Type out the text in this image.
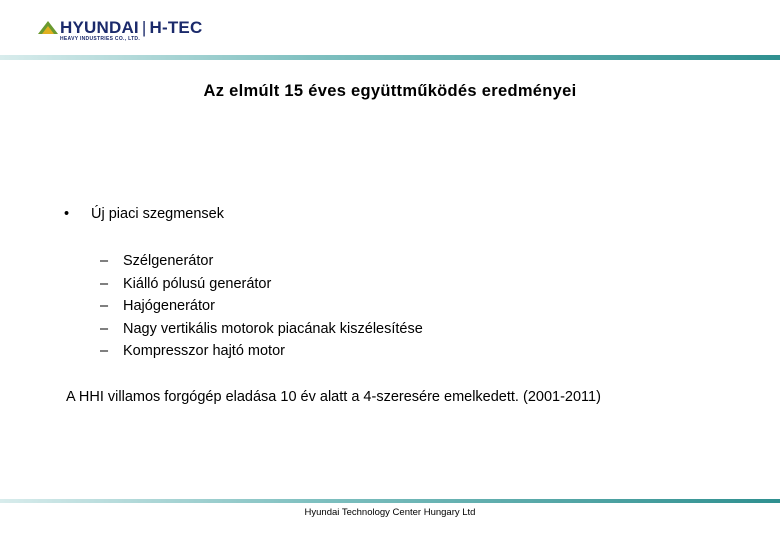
HYUNDAI | H-TEC
HEAVY INDUSTRIES CO., LTD.
Az elmúlt 15 éves együttműködés eredményei
• Új piaci szegmensek
– Szélgenerátor
– Kiálló pólusú generátor
– Hajógenerátor
– Nagy vertikális motorok piacának kiszélesítése
– Kompresszor hajtó motor
A HHI villamos forgógép eladása 10 év alatt a 4-szeresére emelkedett. (2001-2011)
Hyundai Technology Center Hungary Ltd
